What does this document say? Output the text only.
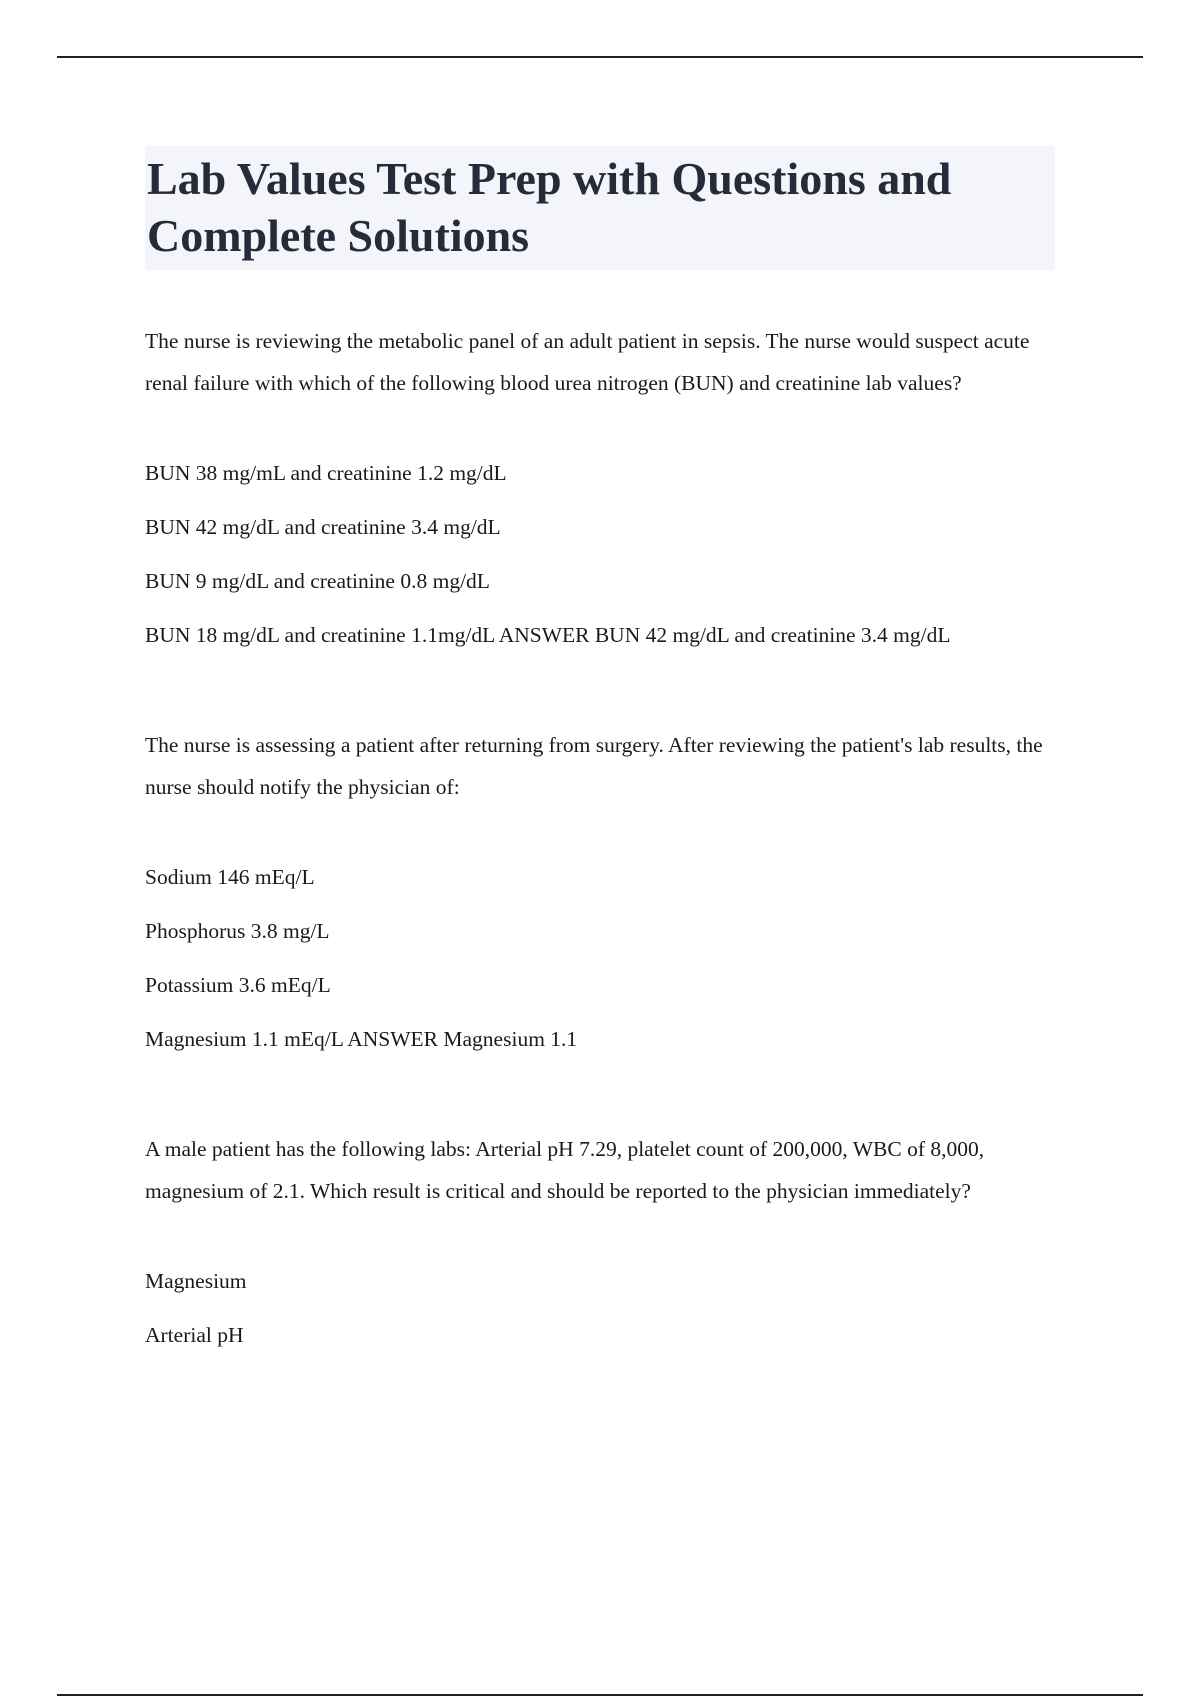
Lab Values Test Prep with Questions and Complete Solutions

The nurse is reviewing the metabolic panel of an adult patient in sepsis. The nurse would suspect acute renal failure with which of the following blood urea nitrogen (BUN) and creatinine lab values?

BUN 38 mg/mL and creatinine 1.2 mg/dL

BUN 42 mg/dL and creatinine 3.4 mg/dL

BUN 9 mg/dL and creatinine 0.8 mg/dL

BUN 18 mg/dL and creatinine 1.1mg/dL ANSWER BUN 42 mg/dL and creatinine 3.4 mg/dL

The nurse is assessing a patient after returning from surgery. After reviewing the patient's lab results, the nurse should notify the physician of:

Sodium 146 mEq/L

Phosphorus 3.8 mg/L

Potassium 3.6 mEq/L

Magnesium 1.1 mEq/L ANSWER Magnesium 1.1

A male patient has the following labs: Arterial pH 7.29, platelet count of 200,000, WBC of 8,000, magnesium of 2.1. Which result is critical and should be reported to the physician immediately?

Magnesium

Arterial pH
